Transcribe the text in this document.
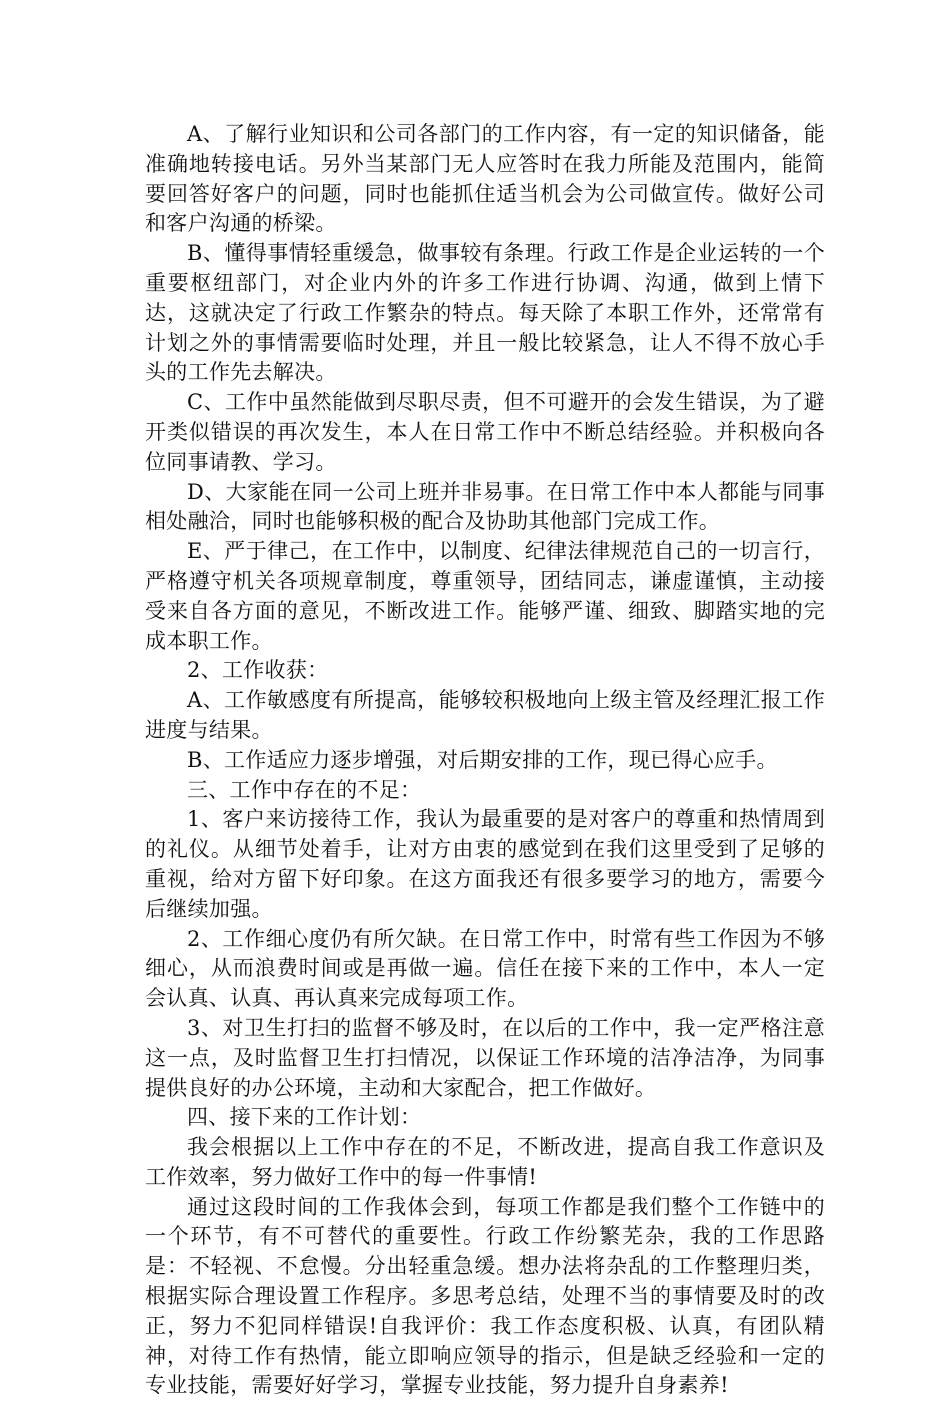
A、了解行业知识和公司各部门的工作内容，有一定的知识储备，能准确地转接电话。另外当某部门无人应答时在我力所能及范围内，能简要回答好客户的问题，同时也能抓住适当机会为公司做宣传。做好公司和客户沟通的桥梁。

B、懂得事情轻重缓急，做事较有条理。行政工作是企业运转的一个重要枢纽部门，对企业内外的许多工作进行协调、沟通，做到上情下达，这就决定了行政工作繁杂的特点。每天除了本职工作外，还常常有计划之外的事情需要临时处理，并且一般比较紧急，让人不得不放心手头的工作先去解决。

C、工作中虽然能做到尽职尽责，但不可避开的会发生错误，为了避开类似错误的再次发生，本人在日常工作中不断总结经验。并积极向各位同事请教、学习。

D、大家能在同一公司上班并非易事。在日常工作中本人都能与同事相处融洽，同时也能够积极的配合及协助其他部门完成工作。

E、严于律己，在工作中，以制度、纪律法律规范自己的一切言行，严格遵守机关各项规章制度，尊重领导，团结同志，谦虚谨慎，主动接受来自各方面的意见，不断改进工作。能够严谨、细致、脚踏实地的完成本职工作。

2、工作收获：

A、工作敏感度有所提高，能够较积极地向上级主管及经理汇报工作进度与结果。

B、工作适应力逐步增强，对后期安排的工作，现已得心应手。

三、工作中存在的不足：

1、客户来访接待工作，我认为最重要的是对客户的尊重和热情周到的礼仪。从细节处着手，让对方由衷的感觉到在我们这里受到了足够的重视，给对方留下好印象。在这方面我还有很多要学习的地方，需要今后继续加强。

2、工作细心度仍有所欠缺。在日常工作中，时常有些工作因为不够细心，从而浪费时间或是再做一遍。信任在接下来的工作中，本人一定会认真、认真、再认真来完成每项工作。

3、对卫生打扫的监督不够及时，在以后的工作中，我一定严格注意这一点，及时监督卫生打扫情况，以保证工作环境的洁净洁净，为同事提供良好的办公环境，主动和大家配合，把工作做好。

四、接下来的工作计划：

我会根据以上工作中存在的不足，不断改进，提高自我工作意识及工作效率，努力做好工作中的每一件事情!

通过这段时间的工作我体会到，每项工作都是我们整个工作链中的一个环节，有不可替代的重要性。行政工作纷繁芜杂，我的工作思路是：不轻视、不怠慢。分出轻重急缓。想办法将杂乱的工作整理归类，根据实际合理设置工作程序。多思考总结，处理不当的事情要及时的改正，努力不犯同样错误!自我评价：我工作态度积极、认真，有团队精神，对待工作有热情，能立即响应领导的指示，但是缺乏经验和一定的专业技能，需要好好学习，掌握专业技能，努力提升自身素养!
